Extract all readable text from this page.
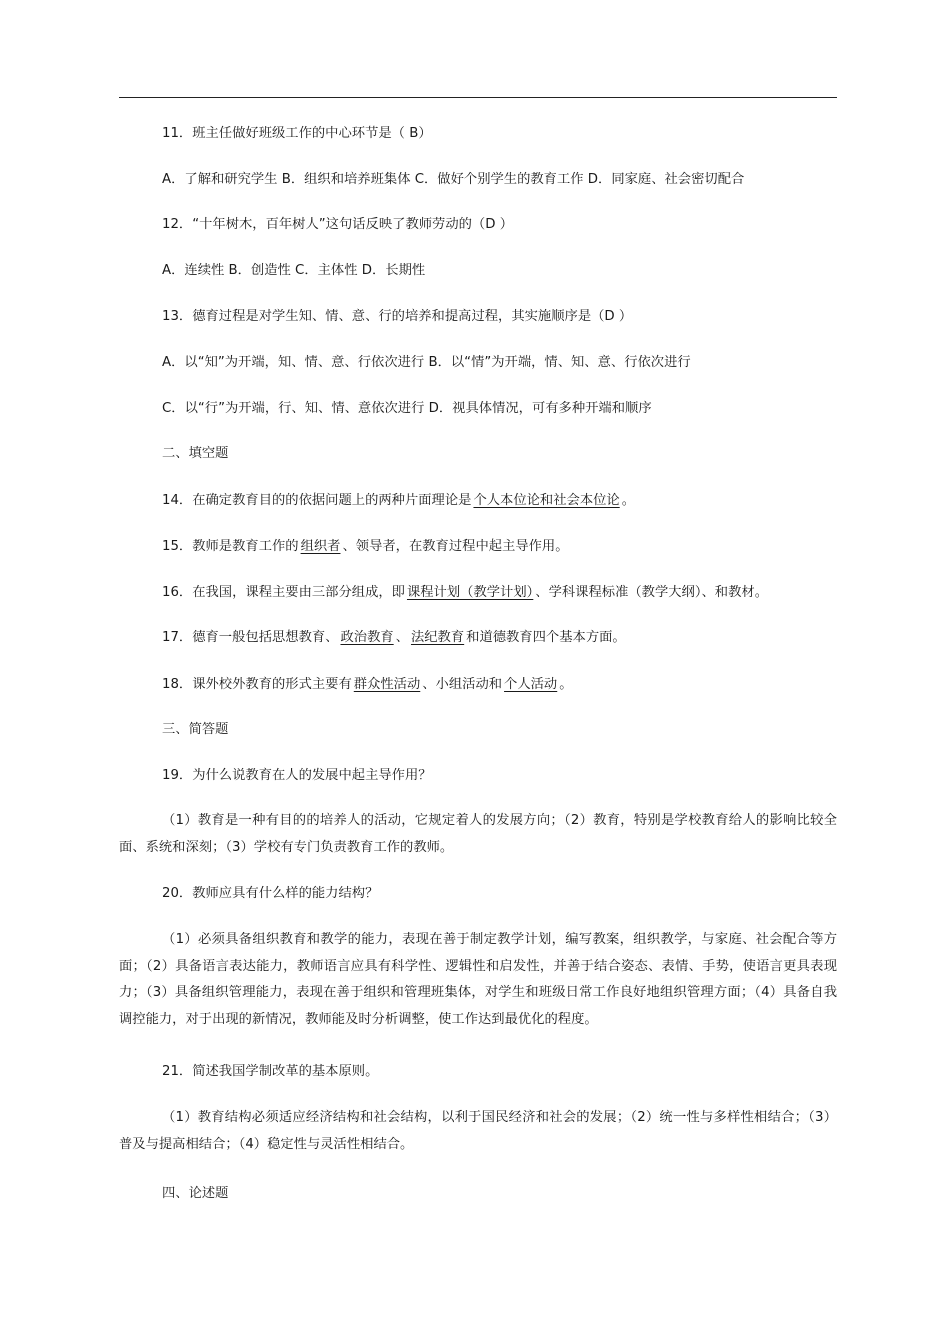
11．班主任做好班级工作的中心环节是（ B）
A．了解和研究学生 B．组织和培养班集体 C．做好个别学生的教育工作 D．同家庭、社会密切配合
12．“十年树木，百年树人”这句话反映了教师劳动的（D ）
A．连续性 B．创造性 C．主体性 D．长期性
13．德育过程是对学生知、情、意、行的培养和提高过程，其实施顺序是（D ）
A．以“知”为开端，知、情、意、行依次进行 B．以“情”为开端，情、知、意、行依次进行
C．以“行”为开端，行、知、情、意依次进行 D．视具体情况，可有多种开端和顺序
二、填空题
14．在确定教育目的的依据问题上的两种片面理论是 个人本位论和社会本位论 。
15．教师是教育工作的 组织者 、领导者，在教育过程中起主导作用。
16．在我国，课程主要由三部分组成，即 课程计划（教学计划） 、学科课程标准（教学大纲）、和教材。
17．德育一般包括思想教育、 政治教育 、 法纪教育 和道德教育四个基本方面。
18．课外校外教育的形式主要有 群众性活动 、小组活动和 个人活动 。
三、简答题
19．为什么说教育在人的发展中起主导作用？
（1）教育是一种有目的的培养人的活动，它规定着人的发展方向；（2）教育，特别是学校教育给人的影响比较全面、系统和深刻；（3）学校有专门负责教育工作的教师。
20．教师应具有什么样的能力结构？
（1）必须具备组织教育和教学的能力，表现在善于制定教学计划，编写教案，组织教学，与家庭、社会配合等方面；（2）具备语言表达能力，教师语言应具有科学性、逻辑性和启发性，并善于结合姿态、表情、手势，使语言更具表现力；（3）具备组织管理能力，表现在善于组织和管理班集体，对学生和班级日常工作良好地组织管理方面；（4）具备自我调控能力，对于出现的新情况，教师能及时分析调整，使工作达到最优化的程度。
21．简述我国学制改革的基本原则。
（1）教育结构必须适应经济结构和社会结构，以利于国民经济和社会的发展；（2）统一性与多样性相结合；（3）普及与提高相结合；（4）稳定性与灵活性相结合。
四、论述题
